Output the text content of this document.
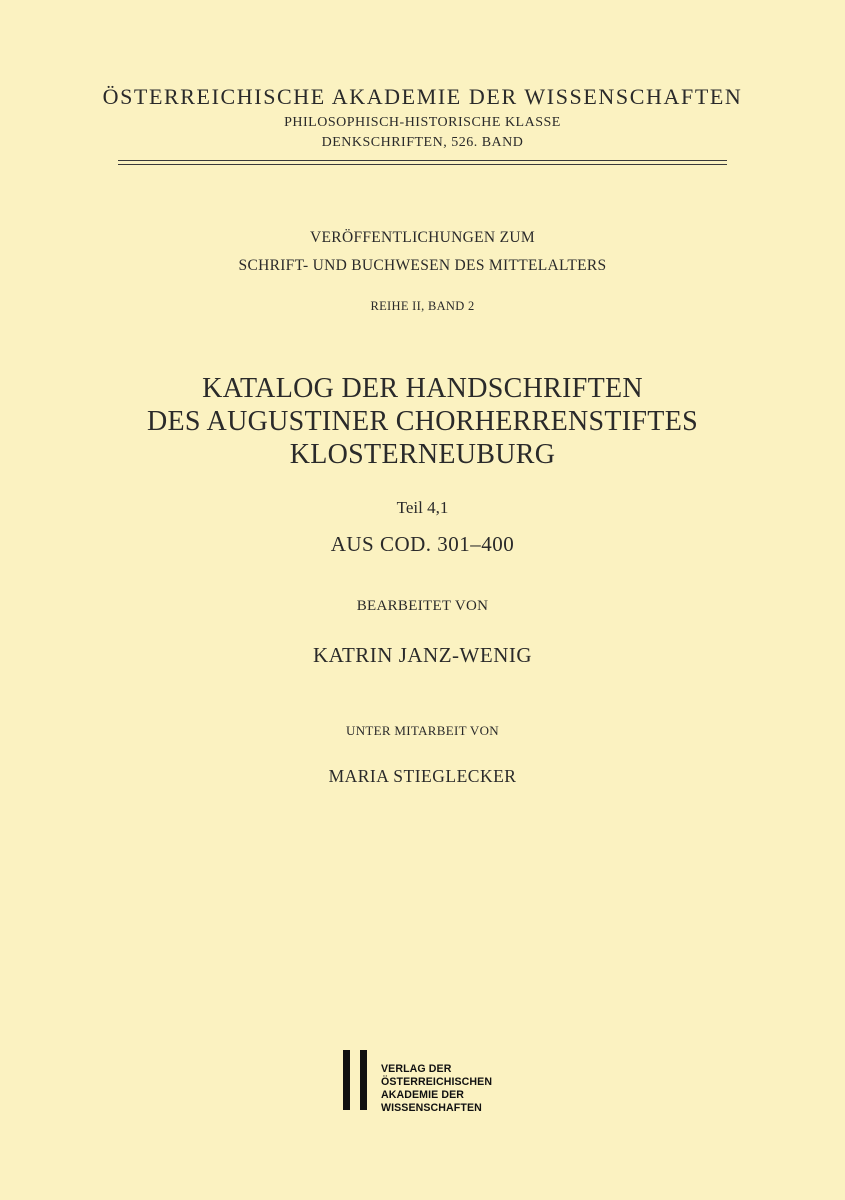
ÖSTERREICHISCHE AKADEMIE DER WISSENSCHAFTEN
PHILOSOPHISCH-HISTORISCHE KLASSE
DENKSCHRIFTEN, 526. BAND
VERÖFFENTLICHUNGEN ZUM
SCHRIFT- UND BUCHWESEN DES MITTELALTERS
REIHE II, BAND 2
KATALOG DER HANDSCHRIFTEN
DES AUGUSTINER CHORHERRENSTIFTES
KLOSTERNEUBURG
Teil 4,1
AUS COD. 301–400
BEARBEITET VON
KATRIN JANZ-WENIG
UNTER MITARBEIT VON
MARIA STIEGLECKER
VERLAG DER
ÖSTERREICHISCHEN
AKADEMIE DER
WISSENSCHAFTEN
